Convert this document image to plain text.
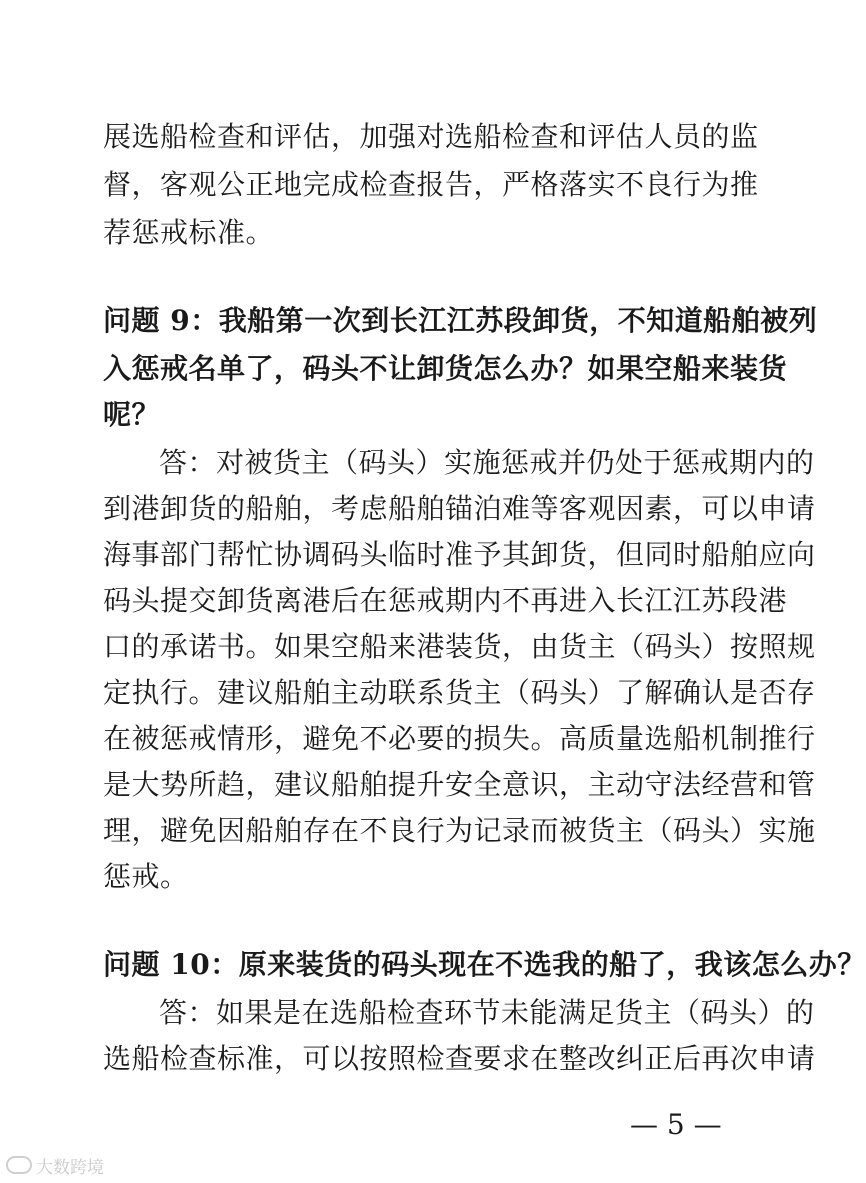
展选船检查和评估，加强对选船检查和评估人员的监
督，客观公正地完成检查报告，严格落实不良行为推
荐惩戒标准。
问题 9：我船第一次到长江江苏段卸货，不知道船舶被列
入惩戒名单了，码头不让卸货怎么办？如果空船来装货
呢？
答：对被货主（码头）实施惩戒并仍处于惩戒期内的
到港卸货的船舶，考虑船舶锚泊难等客观因素，可以申请
海事部门帮忙协调码头临时准予其卸货，但同时船舶应向
码头提交卸货离港后在惩戒期内不再进入长江江苏段港
口的承诺书。如果空船来港装货，由货主（码头）按照规
定执行。建议船舶主动联系货主（码头）了解确认是否存
在被惩戒情形，避免不必要的损失。高质量选船机制推行
是大势所趋，建议船舶提升安全意识，主动守法经营和管
理，避免因船舶存在不良行为记录而被货主（码头）实施
惩戒。
问题 10：原来装货的码头现在不选我的船了，我该怎么办？
答：如果是在选船检查环节未能满足货主（码头）的
选船检查标准，可以按照检查要求在整改纠正后再次申请
— 5 —
大数跨境
